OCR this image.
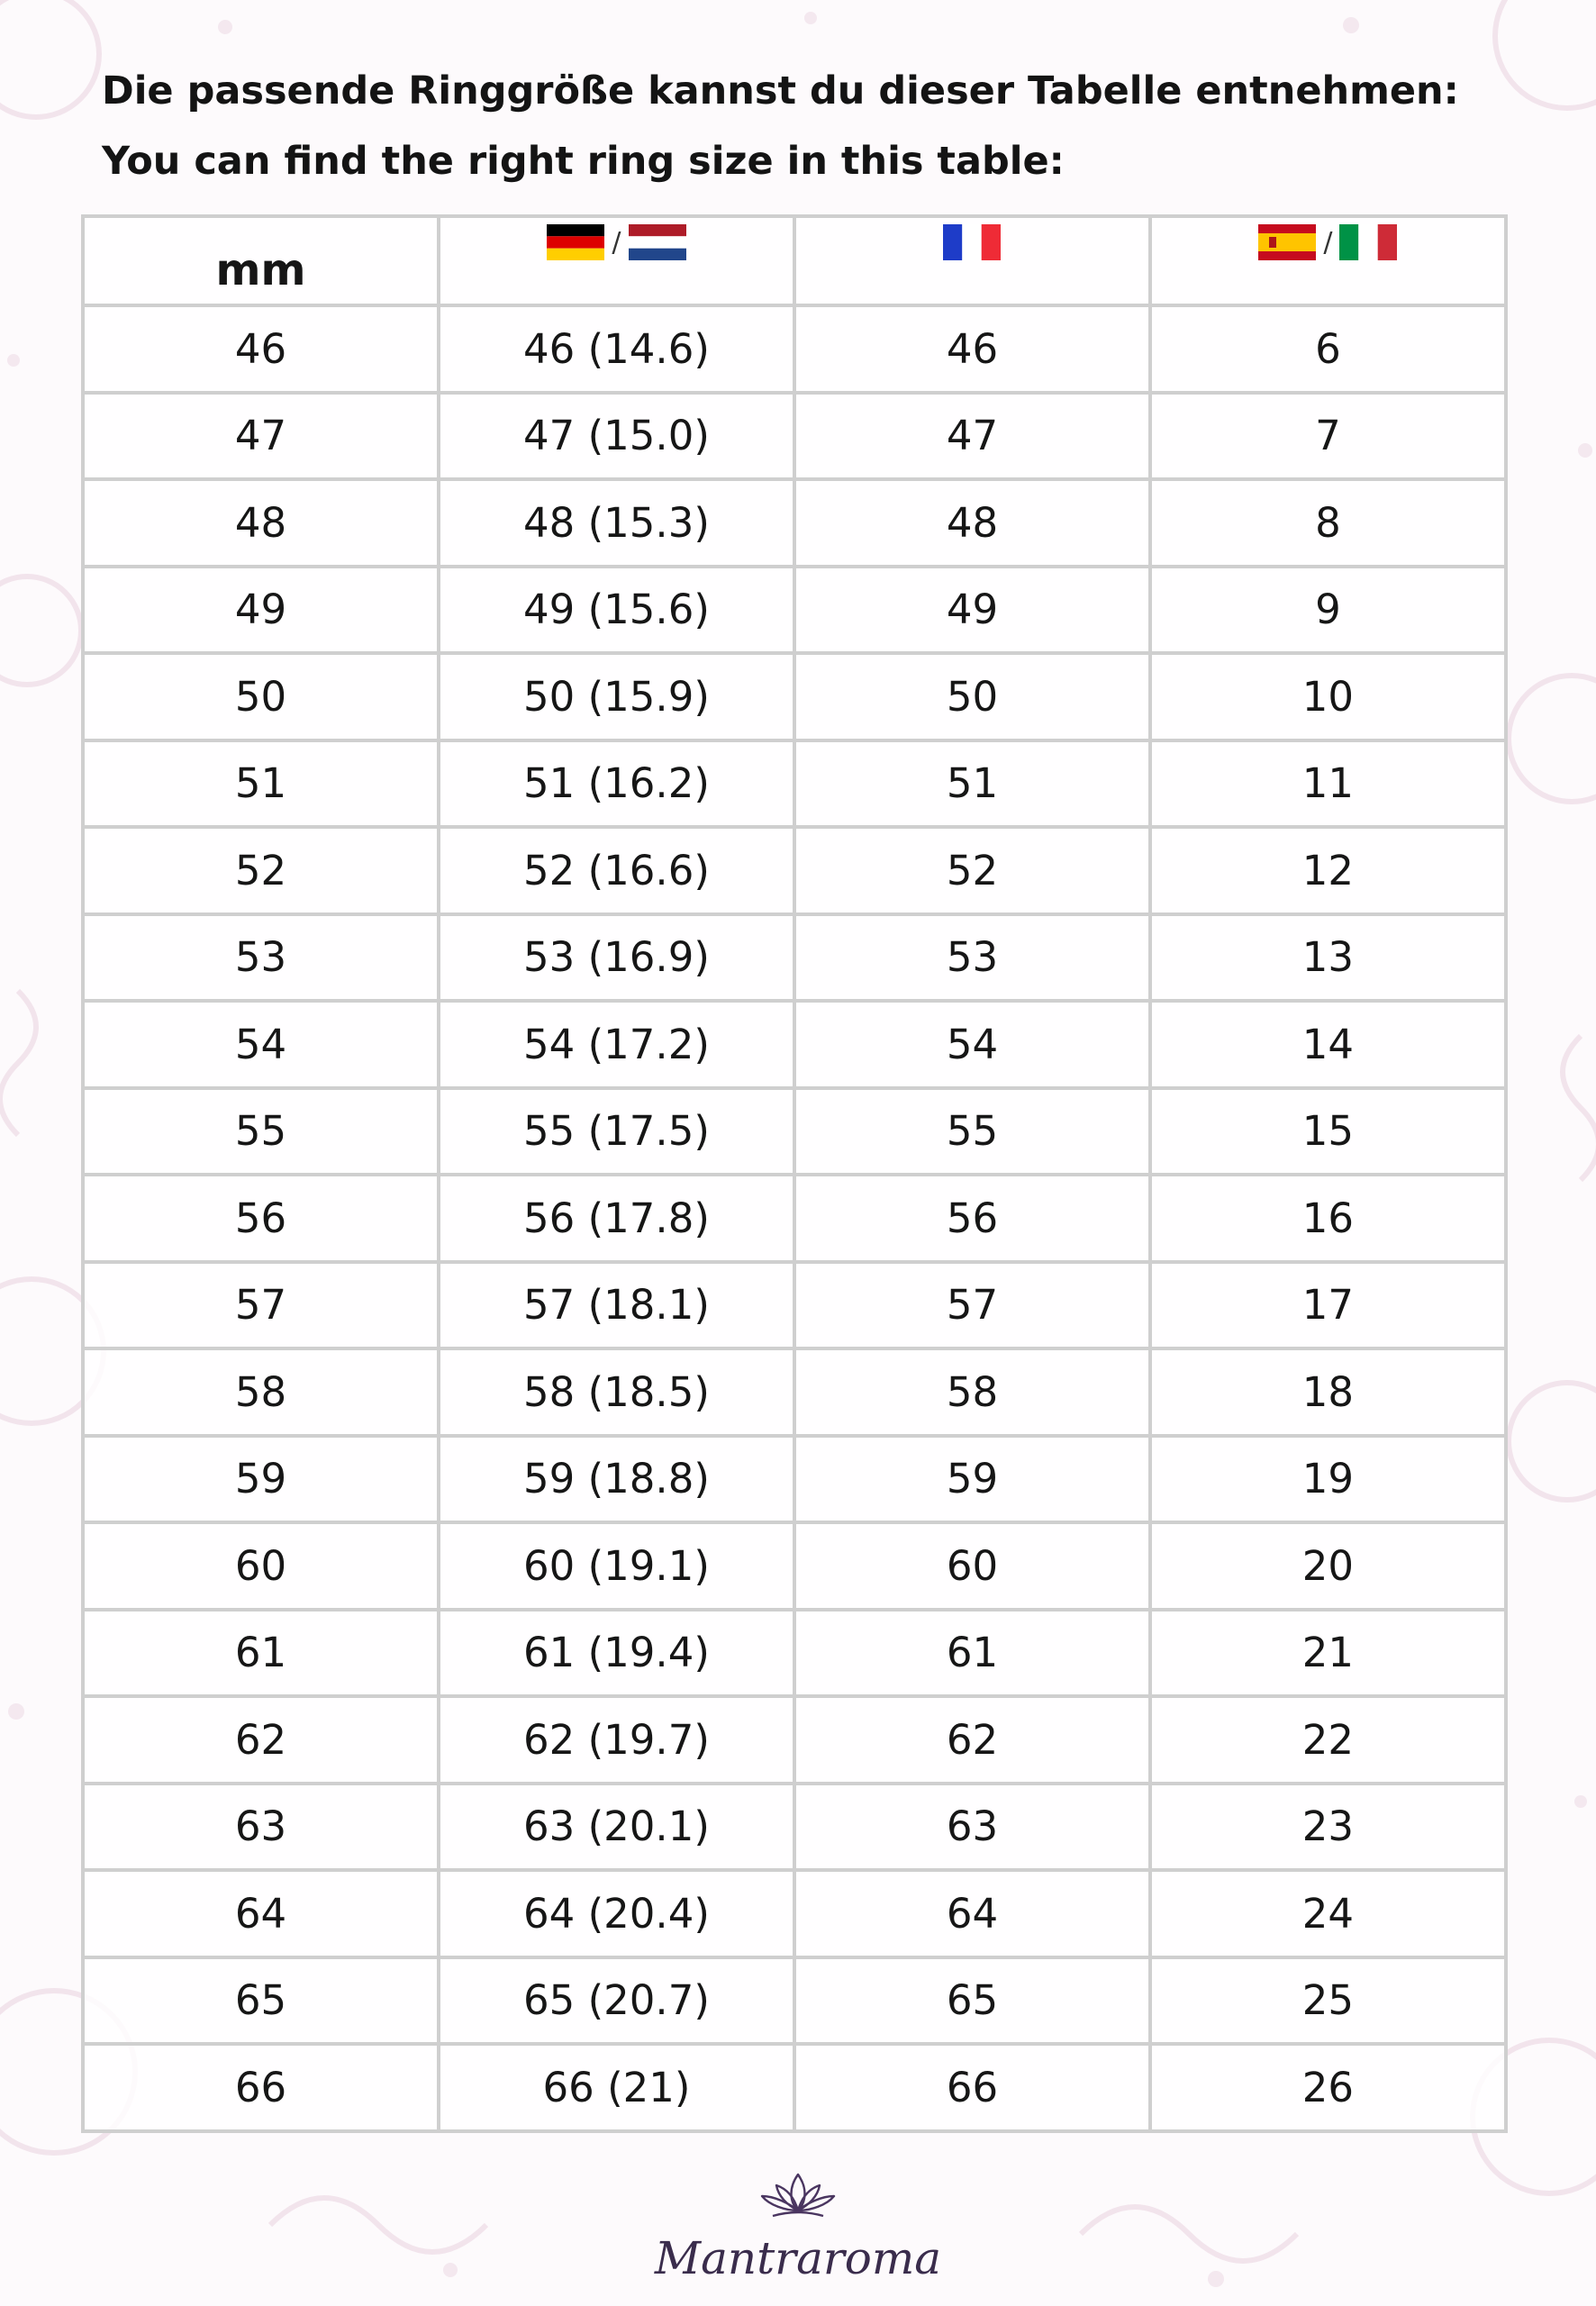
Die passende Ringgröße kannst du dieser Tabelle entnehmen:
You can find the right ring size in this table:
mm	/		/

46	46 (14.6)	46	6
47	47 (15.0)	47	7
48	48 (15.3)	48	8
49	49 (15.6)	49	9
50	50 (15.9)	50	10
51	51 (16.2)	51	11
52	52 (16.6)	52	12
53	53 (16.9)	53	13
54	54 (17.2)	54	14
55	55 (17.5)	55	15
56	56 (17.8)	56	16
57	57 (18.1)	57	17
58	58 (18.5)	58	18
59	59 (18.8)	59	19
60	60 (19.1)	60	20
61	61 (19.4)	61	21
62	62 (19.7)	62	22
63	63 (20.1)	63	23
64	64 (20.4)	64	24
65	65 (20.7)	65	25
66	66 (21)	66	26
Mantraroma
